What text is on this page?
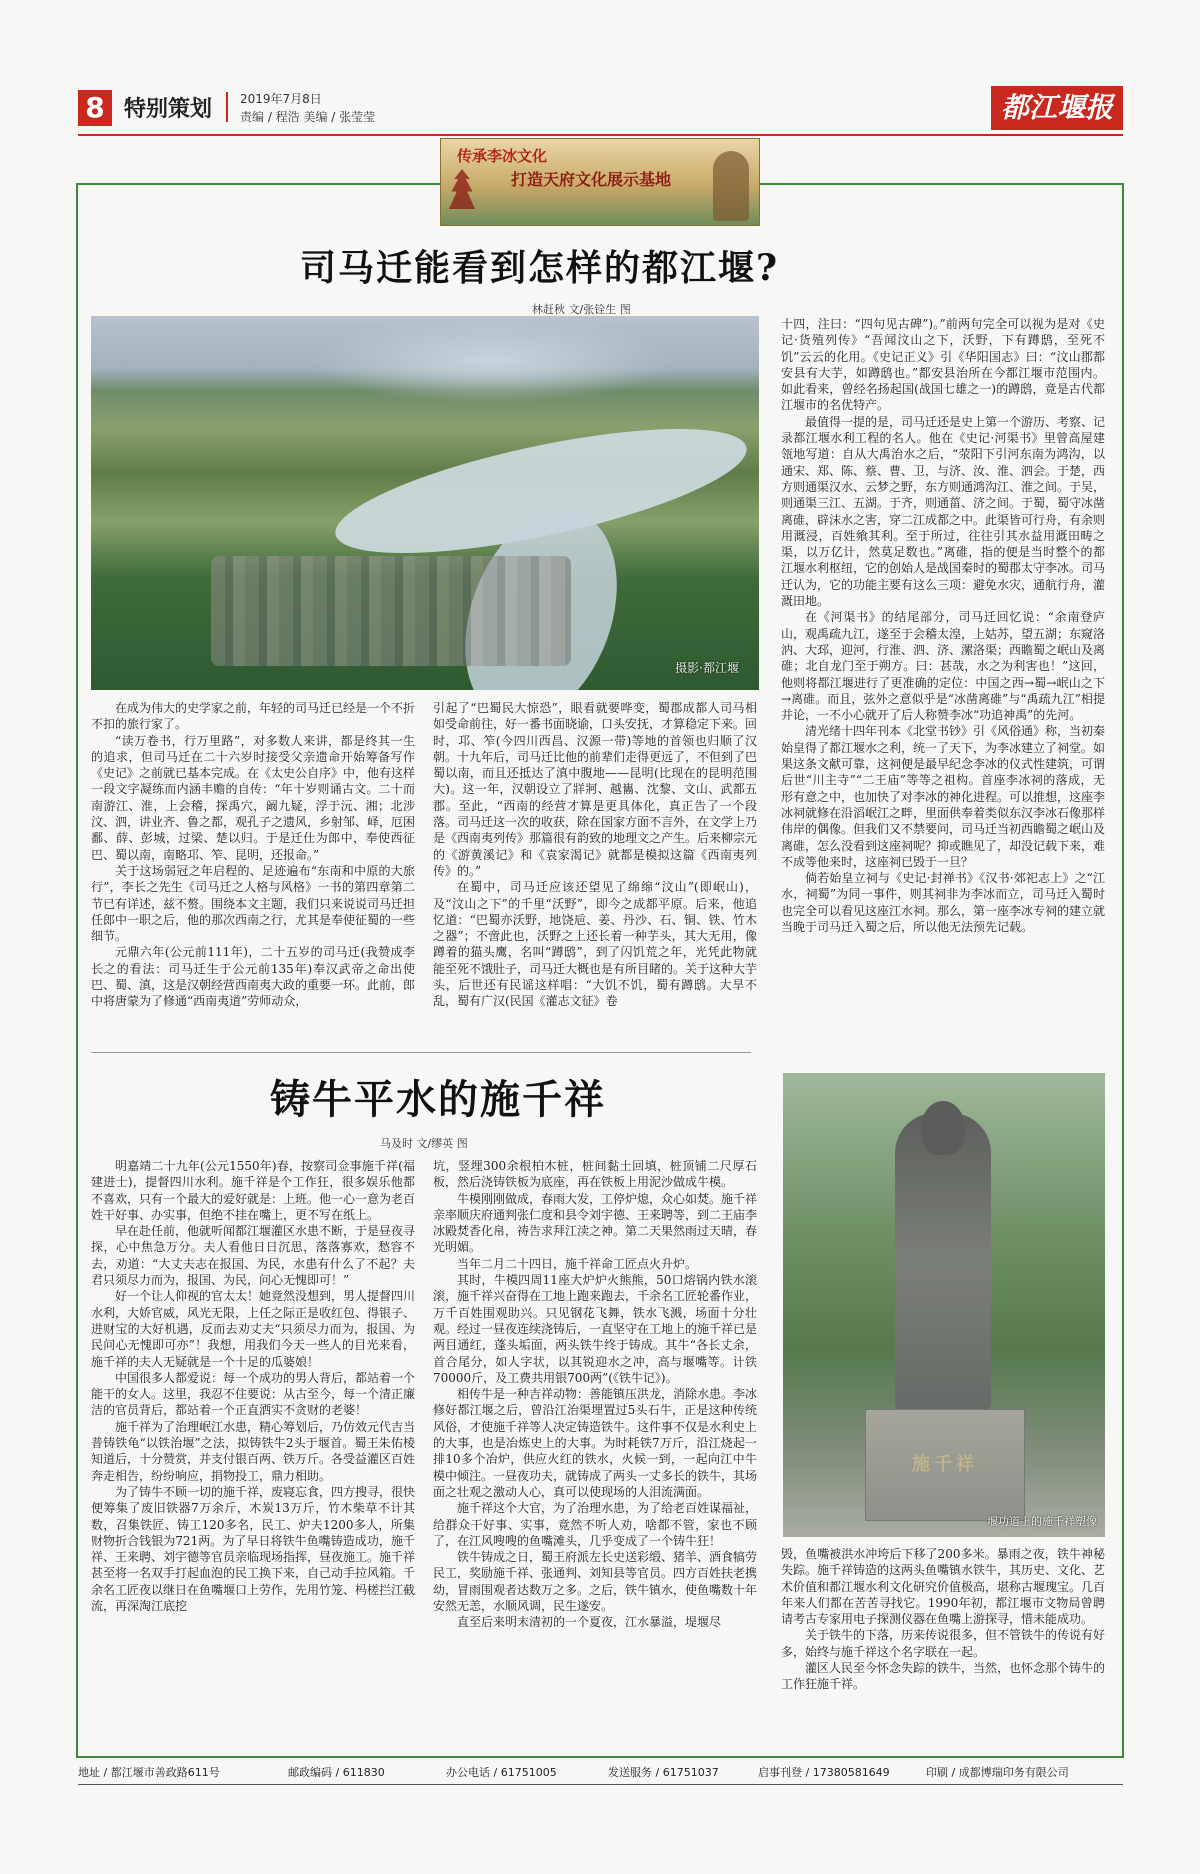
8 特别策划 2019年7月8日
责编 / 程浩 美编 / 张莹莹	都江堰报
传承李冰文化
打造天府文化展示基地
司马迁能看到怎样的都江堰?
林赶秋 文/张铨生 图
摄影·都江堰

在成为伟大的史学家之前，年轻的司马迁已经是一个不折不扣的旅行家了。

“读万卷书，行万里路”，对多数人来讲，都是终其一生的追求，但司马迁在二十六岁时接受父亲遗命开始筹备写作《史记》之前就已基本完成。在《太史公自序》中，他有这样一段文字凝练而内涵丰赡的自传：“年十岁则诵古文。二十而南游江、淮，上会稽，探禹穴，阚九疑，浮于沅、湘；北涉汶、泗，讲业齐、鲁之都，观孔子之遗风，乡射邹、峄，厄困鄱、薛、彭城，过梁、楚以归。于是迁仕为郎中，奉使西征巴、蜀以南，南略邛、笮、昆明，还报命。”

关于这场弱冠之年启程的、足迹遍布“东南和中原的大旅行”，李长之先生《司马迁之人格与风格》一书的第四章第二节已有详述，兹不赘。围绕本文主题，我们只来说说司马迁担任郎中一职之后，他的那次西南之行，尤其是奉使征蜀的一些细节。

元鼎六年(公元前111年)，二十五岁的司马迁(我赞成李长之的看法：司马迁生于公元前135年)奉汉武帝之命出使巴、蜀、滇，这是汉朝经营西南夷大政的重要一环。此前，郎中将唐蒙为了修通“西南夷道”劳师动众，

引起了“巴蜀民大惊恐”，眼看就要哗变，蜀郡成都人司马相如受命前往，好一番书面晓谕，口头安抚，才算稳定下来。回时，邛、笮(今四川西昌、汉源一带)等地的首领也归顺了汉朝。十九年后，司马迁比他的前辈们走得更远了，不但到了巴蜀以南，而且还抵达了滇中腹地——昆明(比现在的昆明范围大)。这一年，汉朝设立了牂牁、越巂、沈黎、文山、武都五郡。至此，“西南的经营才算是更具体化，真正告了一个段落。司马迁这一次的收获，除在国家方面不言外，在文学上乃是《西南夷列传》那篇很有韵致的地理文之产生。后来柳宗元的《游黄溪记》和《袁家渴记》就都是模拟这篇《西南夷列传》的。”

在蜀中，司马迁应该还望见了绵绵“汶山”(即岷山)，及“汶山之下”的千里“沃野”，即今之成都平原。后来，他追忆道：“巴蜀亦沃野，地饶巵、姜、丹沙、石、铜、铁、竹木之器”；不啻此也，沃野之上还长着一种芋头，其大无用，像蹲着的猫头鹰，名叫“蹲鸱”，到了闪饥荒之年，光凭此物就能至死不饿肚子，司马迁大概也是有所目睹的。关于这种大芋头，后世还有民谣这样唱：“大饥不饥，蜀有蹲鸱。大旱不乱，蜀有广汉(民国《灌志文征》卷

十四，注曰：“四句见古碑”)。”前两句完全可以视为是对《史记·货殖列传》“吾闻汶山之下，沃野，下有蹲鸱，至死不饥”云云的化用。《史记正义》引《华阳国志》曰：“汶山郡都安县有大芋，如蹲鸱也。”都安县治所在今都江堰市范围内。如此看来，曾经名扬起国(战国七雄之一)的蹲鸱，竟是古代都江堰市的名优特产。

最值得一提的是，司马迁还是史上第一个游历、考察、记录都江堰水利工程的名人。他在《史记·河渠书》里曾高屋建瓴地写道：自从大禹治水之后，“荥阳下引河东南为鸿沟，以通宋、郑、陈、蔡、曹、卫，与济、汝、淮、泗会。于楚，西方则通渠汉水、云梦之野，东方则通鸿沟江、淮之间。于吴，则通渠三江、五湖。于齐，则通菑、济之间。于蜀，蜀守冰凿离碓，辟沫水之害，穿二江成都之中。此渠皆可行舟，有余则用溉浸，百姓飨其利。至于所过，往往引其水益用溉田畴之渠，以万亿计，然莫足数也。”离碓，指的便是当时整个的都江堰水利枢纽，它的创始人是战国秦时的蜀郡太守李冰。司马迁认为，它的功能主要有这么三项：避免水灾，通航行舟，灌溉田地。

在《河渠书》的结尾部分，司马迁回忆说：“余南登庐山，观禹疏九江，遂至于会稽太湟，上姑苏，望五湖；东窥洛汭、大邳，迎河，行淮、泗、济、漯洛渠；西瞻蜀之岷山及离碓；北自龙门至于朔方。曰：甚哉，水之为利害也！”这回，他则将都江堰进行了更准确的定位：中国之西→蜀→岷山之下→离碓。而且，弦外之意似乎是“冰凿离碓”与“禹疏九江”相提并论，一不小心就开了后人称赞李冰“功追神禹”的先河。

清光绪十四年刊本《北堂书钞》引《风俗通》称，当初秦始皇得了都江堰水之利，统一了天下，为李冰建立了祠堂。如果这条文献可靠，这祠便是最早纪念李冰的仪式性建筑，可谓后世“川主寺”“二王庙”等等之祖构。首座李冰祠的落成，无形有意之中，也加快了对李冰的神化进程。可以推想，这座李冰祠就修在沿滔岷江之畔，里面供奉着类似东汉李冰石像那样伟岸的偶像。但我们又不禁要问，司马迁当初西瞻蜀之岷山及离碓，怎么没看到这座祠呢？抑或瞧见了，却没记载下来，难不成等他来时，这座祠已毁于一旦？

倘若始皇立祠与《史记·封禅书》《汉书·郊祀志上》之“江水，祠蜀”为同一事件，则其祠非为李冰而立，司马迁入蜀时也完全可以看见这座江水祠。那么，第一座李冰专祠的建立就当晚于司马迁入蜀之后，所以他无法预先记载。

铸牛平水的施千祥
马及时 文/缪英 图

明嘉靖二十九年(公元1550年)春，按察司佥事施千祥(福建进士)，提督四川水利。施千祥是个工作狂，很多娱乐他都不喜欢，只有一个最大的爱好就是：上班。他一心一意为老百姓干好事、办实事，但绝不挂在嘴上，更不写在纸上。

早在赴任前，他就听闻都江堰灌区水患不断，于是昼夜寻探，心中焦急万分。夫人看他日日沉思，落落寡欢，愁容不去，劝道：“大丈夫志在报国、为民，水患有什么了不起？夫君只须尽力而为，报国、为民，问心无愧即可！”

好一个让人仰视的官太太！她竟然没想到，男人提督四川水利，大娇官威，风光无限，上任之际正是收红包、得银子、进财宝的大好机遇，反而去劝丈夫“只须尽力而为，报国、为民问心无愧即可亦”！我想，用我们今天一些人的目光来看，施千祥的夫人无疑就是一个十足的瓜婆娘！

中国很多人都爱说：每一个成功的男人背后，都站着一个能干的女人。这里，我忍不住要说：从古至今，每一个清正廉洁的官员背后，都站着一个正直洒实不贪财的老婆！

施千祥为了治理岷江水患，精心筹划后，乃仿效元代吉当普铸铁龟“以铁治堰”之法，拟铸铁牛2头于堰首。蜀王朱佑棱知道后，十分赞赏，并支付银百两、铁万斤。各受益灌区百姓奔走相告，纷纷响应，捐物投工，鼎力相助。

为了铸牛不顾一切的施千祥，废寝忘食，四方搜寻，很快便筹集了废旧铁器7万余斤，木炭13万斤，竹木柴草不计其数，召集铁匠、铸工120多名，民工、炉夫1200多人，所集财物折合钱银为721两。为了早日将铁牛鱼嘴铸造成功，施千祥、王来聘、刘宇德等官员亲临现场指挥，昼夜施工。施千祥甚至将一名双手打起血泡的民工换下来，自己动手拉风箱。千余名工匠夜以继日在鱼嘴堰口上劳作，先用竹笼、杩槎拦江截流，再深淘江底挖

坑，竖埋300余根柏木桩，桩间黏土回填，桩顶铺二尺厚石板，然后浇铸铁板为底座，再在铁板上用泥沙做成牛模。

牛模刚刚做成，春雨大发，工停炉熄，众心如焚。施千祥亲率顺庆府通判张仁度和县令刘宇德、王来聘等，到二王庙李冰殿焚香化帛，祷告求拜江渎之神。第二天果然雨过天晴，春光明媚。

当年二月二十四日，施千祥命工匠点火升炉。

其时，牛模四周11座大炉炉火熊熊，50口熔锅内铁水滚滚，施千祥兴奋得在工地上跑来跑去，千余名工匠轮番作业，万千百姓围观助兴。只见钢花飞舞，铁水飞溅，场面十分壮观。经过一昼夜连续浇铸后，一直坚守在工地上的施千祥已是两目通红，蓬头垢面，两头铁牛终于铸成。其牛“各长丈余，首合尾分，如人字状，以其锐迎水之冲，高与堰嘴等。计铁70000斤，及工费共用银700两”(《铁牛记》)。

相传牛是一种吉祥动物：善能镇压洪龙，消除水患。李冰修好都江堰之后，曾沿江治渠埋置过5头石牛，正是这种传统风俗，才使施千祥等人决定铸造铁牛。这件事不仅是水利史上的大事，也是冶炼史上的大事。为时耗铁7万斤，沿江烧起一排10多个冶炉，供应火红的铁水，火候一到，一起向江中牛模中倾注。一昼夜功夫，就铸成了两头一丈多长的铁牛，其场面之壮观之激动人心，真可以使现场的人泪流满面。

施千祥这个大官，为了治理水患，为了给老百姓谋福祉，给群众干好事、实事，竟然不听人劝，啥都不管，家也不顾了，在江风嗖嗖的鱼嘴滩头，几乎变成了一个铸牛狂！

铁牛铸成之日，蜀王府派左长史送彩缎、猪羊、酒食犒劳民工，奖励施千祥、张通判、刘知县等官员。四方百姓扶老携幼，冒雨围观者达数万之多。之后，铁牛镇水，使鱼嘴数十年安然无恙，水顺风调，民生遂安。

直至后来明末清初的一个夏夜，江水暴溢，堤堰尽

施千祥
堰功道上的施千祥塑像

毁，鱼嘴被洪水冲垮后下移了200多米。暴雨之夜，铁牛神秘失踪。施千祥铸造的这两头鱼嘴镇水铁牛，其历史、文化、艺术价值和都江堰水利文化研究价值极高，堪称古堰瑰宝。几百年来人们都在苦苦寻找它。1990年初，都江堰市文物局曾聘请考古专家用电子探测仪器在鱼嘴上游探寻，惜未能成功。

关于铁牛的下落，历来传说很多，但不管铁牛的传说有好多，始终与施千祥这个名字联在一起。

灌区人民至今怀念失踪的铁牛，当然，也怀念那个铸牛的工作狂施千祥。

地址 / 都江堰市善政路611号	邮政编码 / 611830	办公电话 / 61751005	发送服务 / 61751037	启事刊登 / 17380581649	印刷 / 成都博瑞印务有限公司
